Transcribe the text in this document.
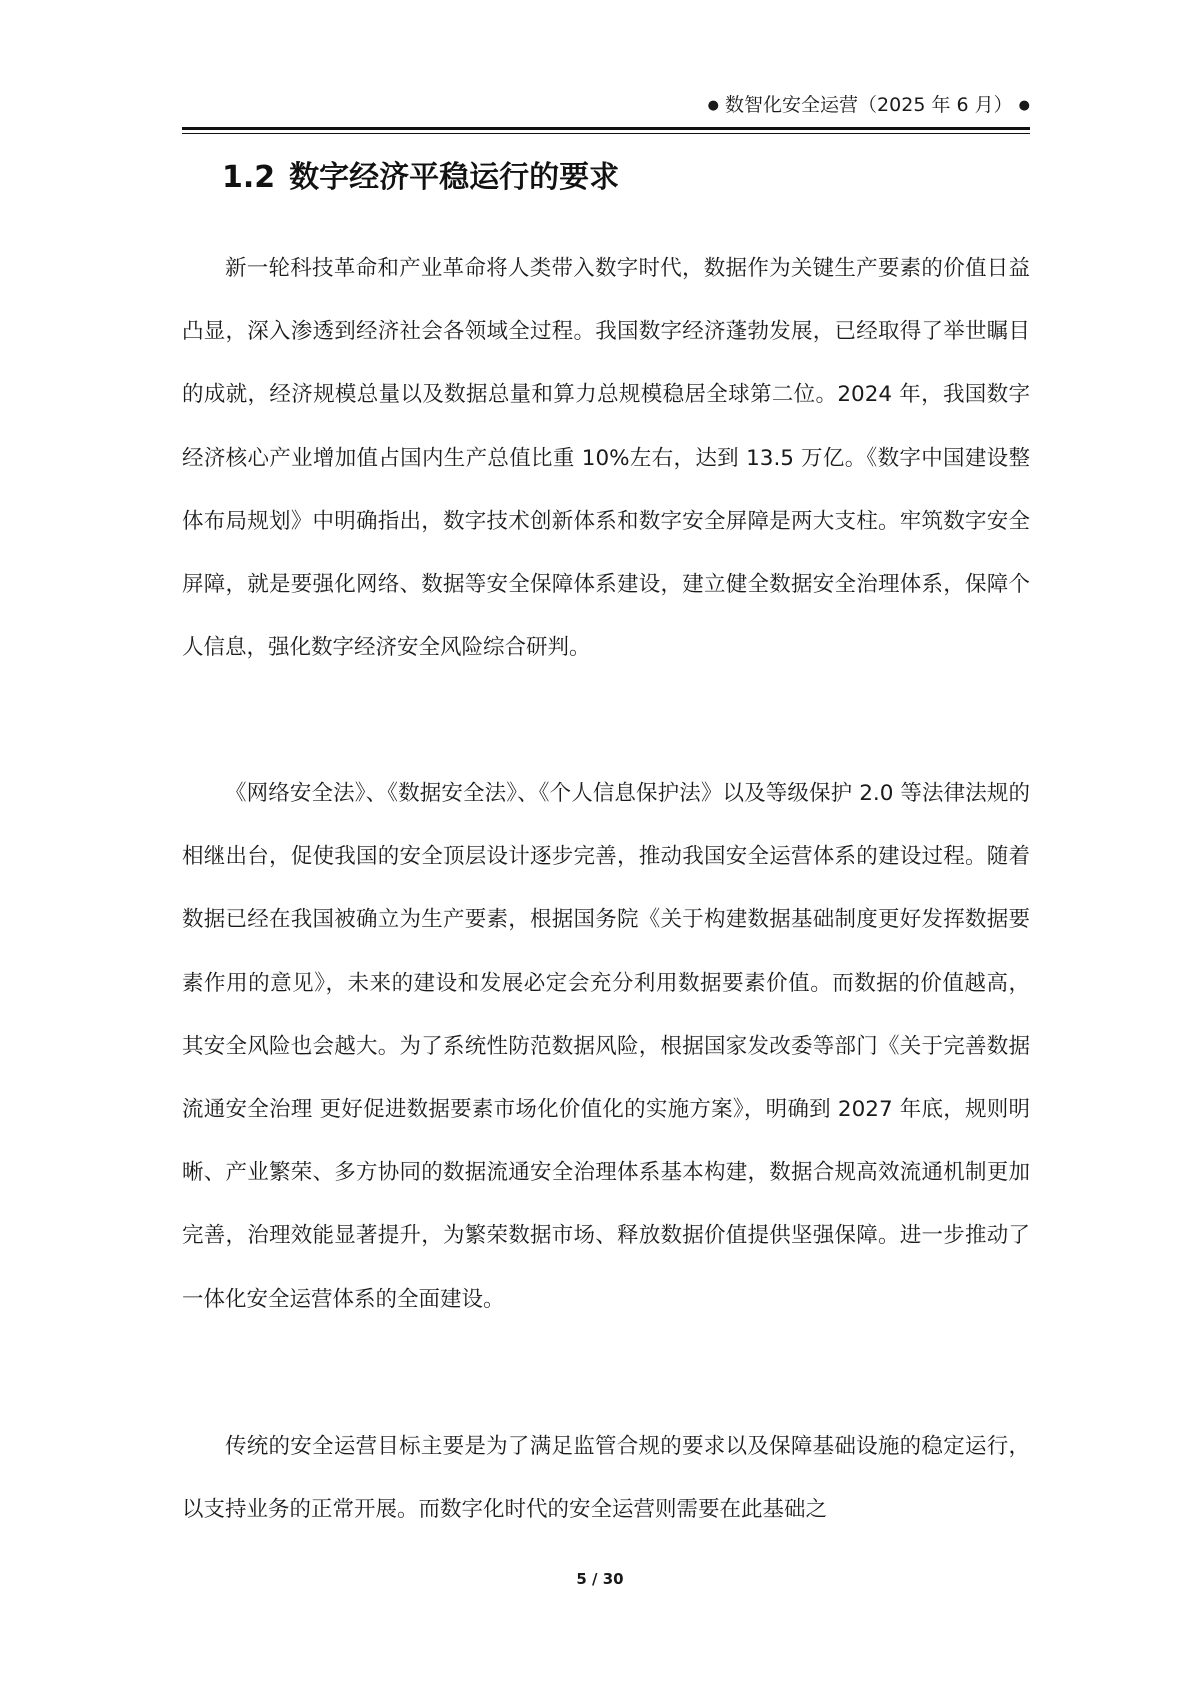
● 数智化安全运营（2025 年 6 月） ●
1.2 数字经济平稳运行的要求

新一轮科技革命和产业革命将人类带入数字时代，数据作为关键生产要素的价值日益凸显，深入渗透到经济社会各领域全过程。我国数字经济蓬勃发展，已经取得了举世瞩目的成就，经济规模总量以及数据总量和算力总规模稳居全球第二位。2024 年，我国数字经济核心产业增加值占国内生产总值比重 10%左右，达到 13.5 万亿。《数字中国建设整体布局规划》中明确指出，数字技术创新体系和数字安全屏障是两大支柱。牢筑数字安全屏障，就是要强化网络、数据等安全保障体系建设，建立健全数据安全治理体系，保障个人信息，强化数字经济安全风险综合研判。

《网络安全法》、《数据安全法》、《个人信息保护法》以及等级保护 2.0 等法律法规的相继出台，促使我国的安全顶层设计逐步完善，推动我国安全运营体系的建设过程。随着数据已经在我国被确立为生产要素，根据国务院《关于构建数据基础制度更好发挥数据要素作用的意见》，未来的建设和发展必定会充分利用数据要素价值。而数据的价值越高，其安全风险也会越大。为了系统性防范数据风险，根据国家发改委等部门《关于完善数据流通安全治理 更好促进数据要素市场化价值化的实施方案》，明确到 2027 年底，规则明晰、产业繁荣、多方协同的数据流通安全治理体系基本构建，数据合规高效流通机制更加完善，治理效能显著提升，为繁荣数据市场、释放数据价值提供坚强保障。进一步推动了一体化安全运营体系的全面建设。

传统的安全运营目标主要是为了满足监管合规的要求以及保障基础设施的稳定运行，以支持业务的正常开展。而数字化时代的安全运营则需要在此基础之

5 / 30
